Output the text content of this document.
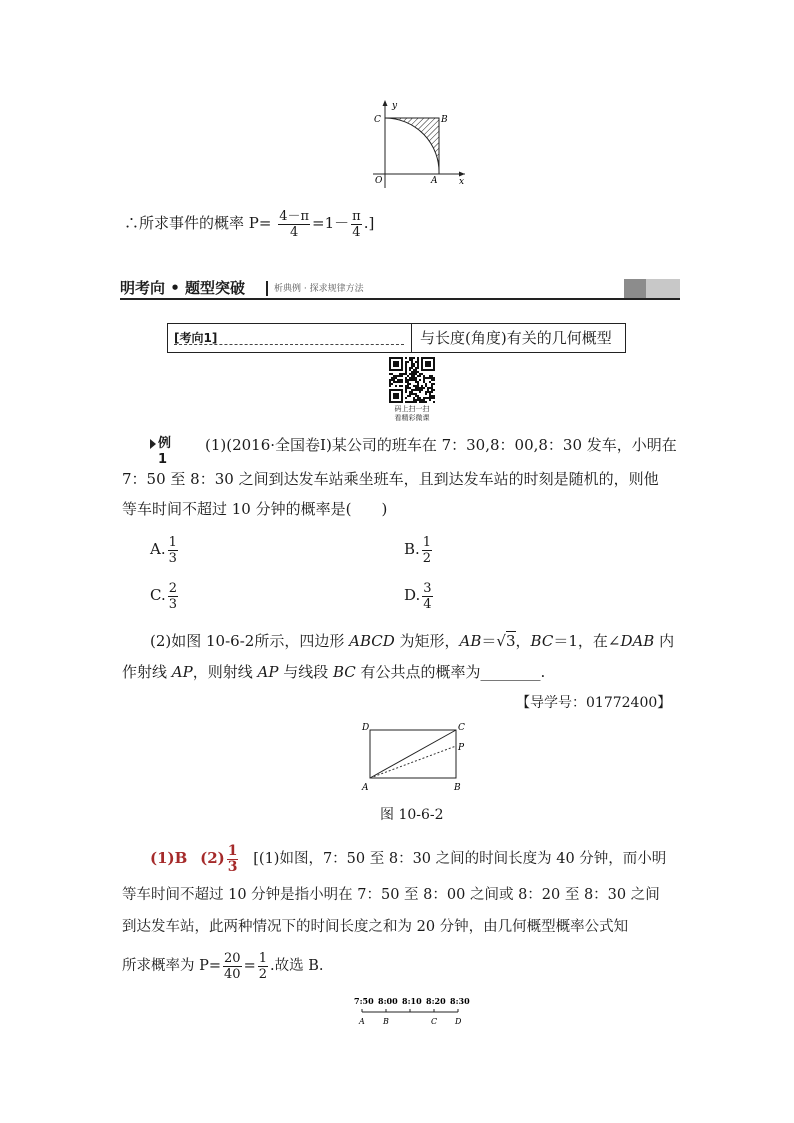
y
C	B
O	A x
∴所求事件的概率 $P= \frac{4-\pi}{4} =1- \frac{\pi}{4}$ .]
明考向 • 题型突破	析典例 · 探求规律方法
[考向1]	与长度(角度)有关的几何概型
码上扫一扫
看精彩微课
例1
(1)(2016·全国卷Ⅰ)某公司的班车在 7：30,8：00,8：30 发车，小明在
7：50 至 8：30 之间到达发车站乘坐班车，且到达发车站的时刻是随机的，则他
等车时间不超过 10 分钟的概率是(　　)
A. $\frac{1}{3}$	B. $\frac{1}{2}$
C. $\frac{2}{3}$	D. $\frac{3}{4}$
(2)如图 10-6-2所示，四边形 ABCD 为矩形，AB＝√3，BC＝1，在∠DAB 内
作射线 AP，则射线 AP 与线段 BC 有公共点的概率为________.
【导学号：01772400】
D	C
P
A	B
图 10-6-2
(1)B $(2) \frac{1}{3} [(1)$如图，7：50 至 8：30 之间的时间长度为 40 分钟，而小明
等车时间不超过 10 分钟是指小明在 7：50 至 8：00 之间或 8：20 至 8：30 之间
到达发车站，此两种情况下的时间长度之和为 20 分钟，由几何概型概率公式知
所求概率为 $P= \frac{20}{40} = \frac{1}{2}$ .故选 B.
7:50 8:00 8:10 8:20 8:30
A B	C D
